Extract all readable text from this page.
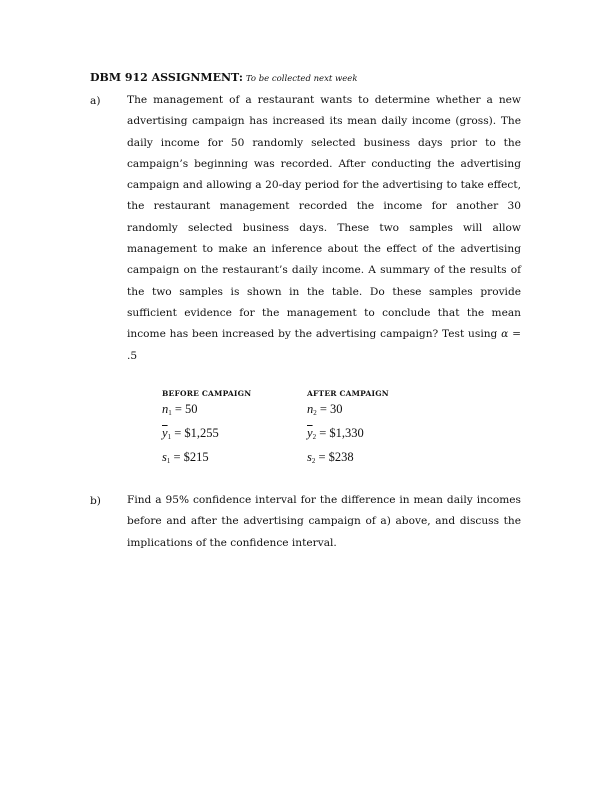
DBM 912 ASSIGNMENT: To be collected next week
a)	The management of a restaurant wants to determine whether a new advertising campaign has increased its mean daily income (gross). The daily income for 50 randomly selected business days prior to the campaign’s beginning was recorded. After conducting the advertising campaign and allowing a 20-day period for the advertising to take effect, the restaurant management recorded the income for another 30 randomly selected business days. These two samples will allow management to make an inference about the effect of the advertising campaign on the restaurant’s daily income. A summary of the results of the two samples is shown in the table. Do these samples provide sufficient evidence for the management to conclude that the mean income has been increased by the advertising campaign? Test using α = .5
BEFORE CAMPAIGN
$n_1 = 50$
$\overline{y}_1$ = $1,255
$s_1$ = $215
AFTER CAMPAIGN
$n_2 = 30$
$\overline{y}_2$ = $1,330
$s_2$ = $238
b) Find a 95% confidence interval for the difference in mean daily incomes before and after the advertising campaign of a) above, and discuss the implications of the confidence interval.
